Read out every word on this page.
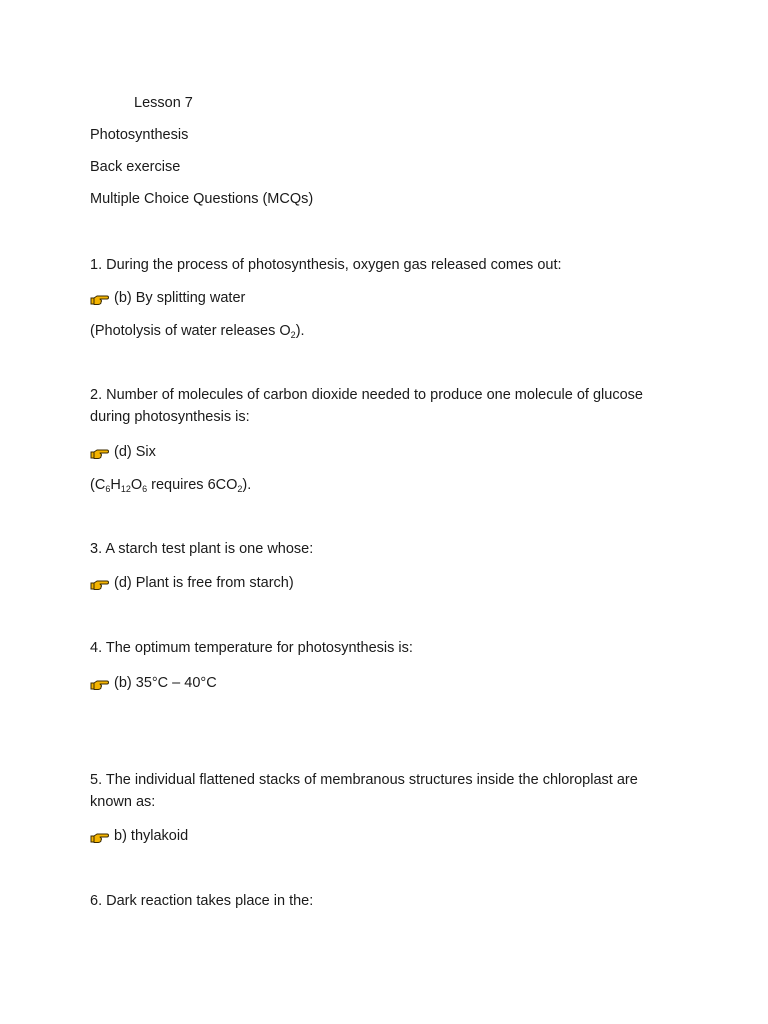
Lesson 7
Photosynthesis
Back exercise
Multiple Choice Questions (MCQs)
1. During the process of photosynthesis, oxygen gas released comes out:
(b) By splitting water
(Photolysis of water releases $O_2$).
2. Number of molecules of carbon dioxide needed to produce one molecule of glucose during photosynthesis is:
(d) Six
($C_6H_{12}O_6$ requires $6CO_2$).
3. A starch test plant is one whose:
(d) Plant is free from starch)
4. The optimum temperature for photosynthesis is:
(b) 35°C – 40°C
5. The individual flattened stacks of membranous structures inside the chloroplast are known as:
b) thylakoid
6. Dark reaction takes place in the:
